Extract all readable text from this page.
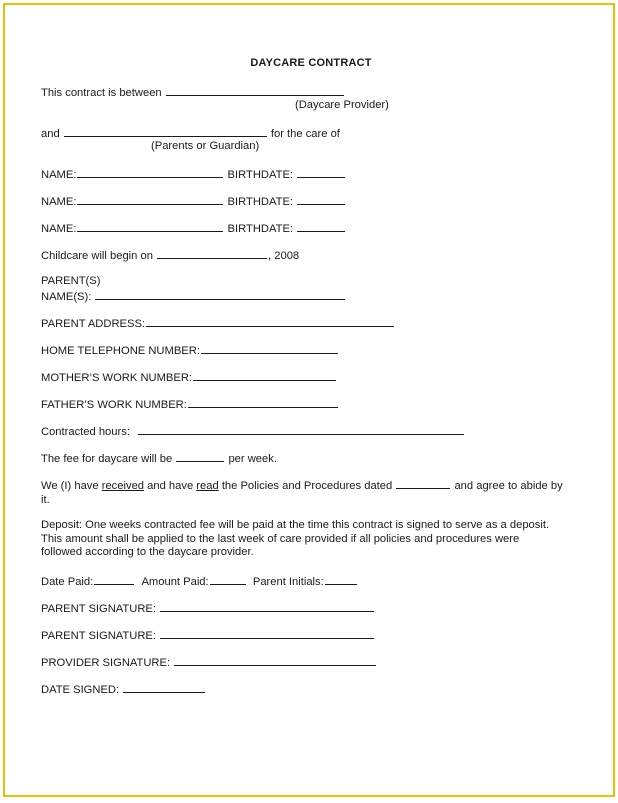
DAYCARE CONTRACT
This contract is between
(Daycare Provider)
and	for the care of
(Parents or Guardian)
NAME:	BIRTHDATE:
NAME:	BIRTHDATE:
NAME:	BIRTHDATE:
Childcare will begin on	, 2008
PARENT(S)
NAME(S):
PARENT ADDRESS:
HOME TELEPHONE NUMBER:
MOTHER’S WORK NUMBER:
FATHER’S WORK NUMBER:
Contracted hours:
The fee for daycare will be	per week.
We (I) have received and have read the Policies and Procedures dated	and agree to abide by it.
Deposit: One weeks contracted fee will be paid at the time this contract is signed to serve as a deposit. This amount shall be applied to the last week of care provided if all policies and procedures were followed according to the daycare provider.
Date Paid:	Amount Paid:	Parent Initials:
PARENT SIGNATURE:
PARENT SIGNATURE:
PROVIDER SIGNATURE:
DATE SIGNED:
